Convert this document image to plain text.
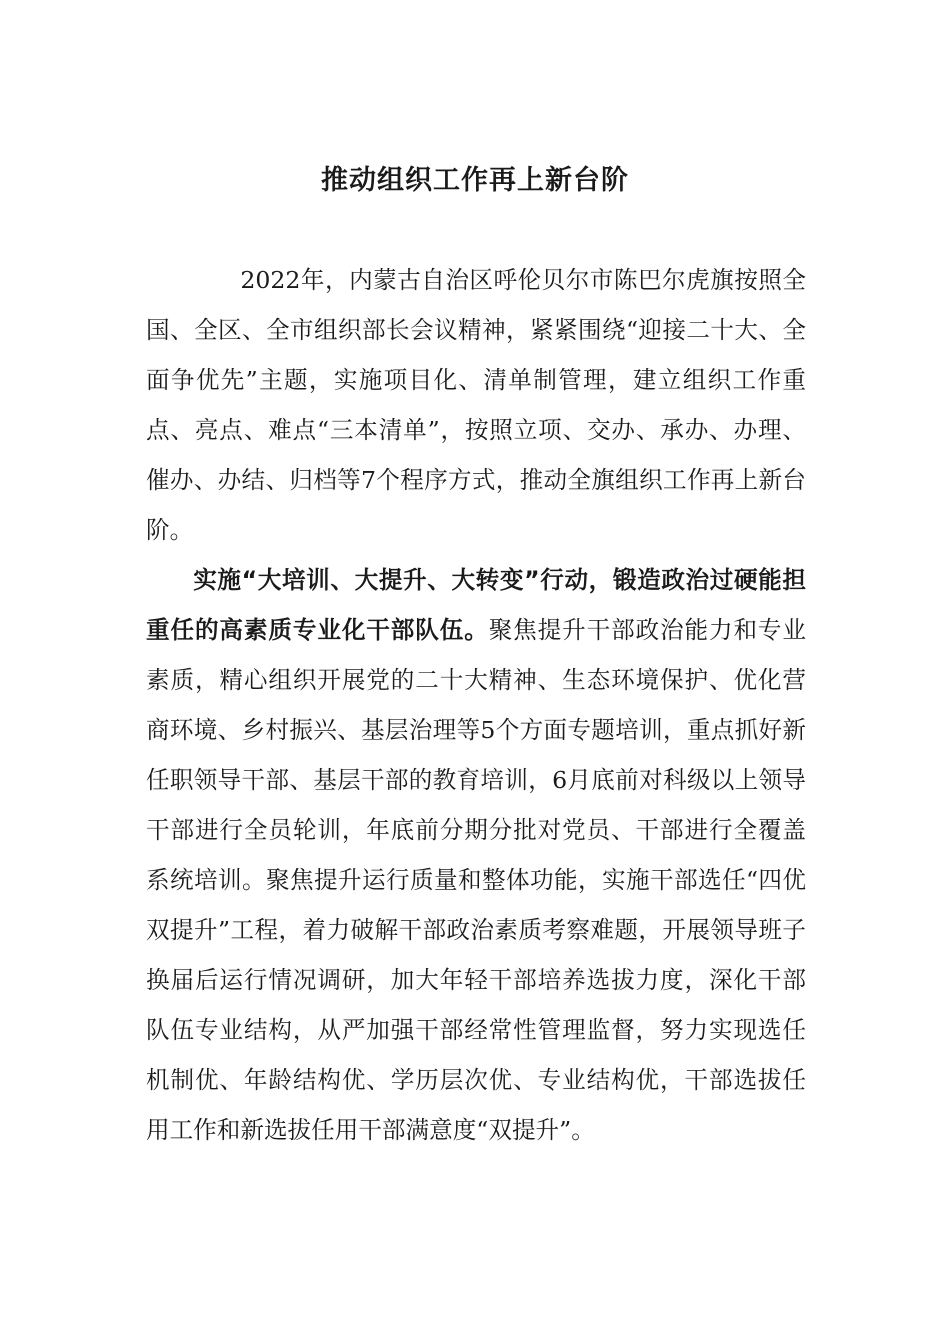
推动组织工作再上新台阶

2022年，内蒙古自治区呼伦贝尔市陈巴尔虎旗按照全国、全区、全市组织部长会议精神，紧紧围绕“迎接二十大、全面争优先”主题，实施项目化、清单制管理，建立组织工作重点、亮点、难点“三本清单”，按照立项、交办、承办、办理、催办、办结、归档等7个程序方式，推动全旗组织工作再上新台阶。

实施“大培训、大提升、大转变”行动，锻造政治过硬能担重任的高素质专业化干部队伍。聚焦提升干部政治能力和专业素质，精心组织开展党的二十大精神、生态环境保护、优化营商环境、乡村振兴、基层治理等5个方面专题培训，重点抓好新任职领导干部、基层干部的教育培训，6月底前对科级以上领导干部进行全员轮训，年底前分期分批对党员、干部进行全覆盖系统培训。聚焦提升运行质量和整体功能，实施干部选任“四优双提升”工程，着力破解干部政治素质考察难题，开展领导班子换届后运行情况调研，加大年轻干部培养选拔力度，深化干部队伍专业结构，从严加强干部经常性管理监督，努力实现选任机制优、年龄结构优、学历层次优、专业结构优，干部选拔任用工作和新选拔任用干部满意度“双提升”。
